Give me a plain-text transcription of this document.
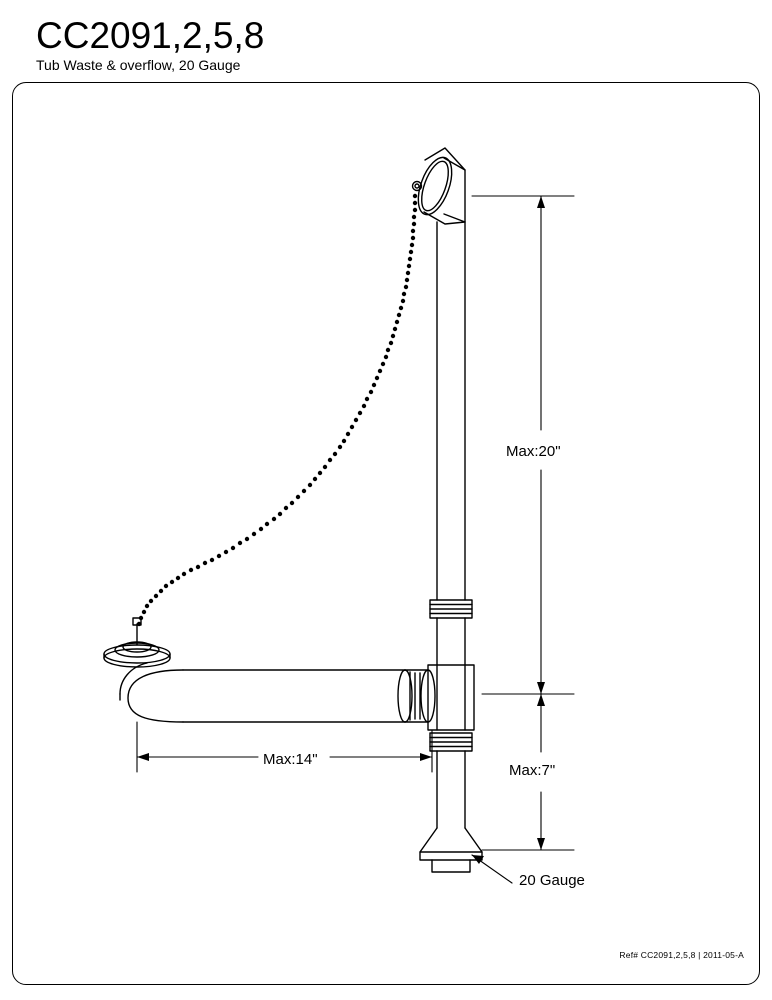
CC2091,2,5,8
Tub Waste & overflow, 20 Gauge
Max:20"
Max:14"
Max:7"
20 Gauge
Ref# CC2091,2,5,8 | 2011-05-A
